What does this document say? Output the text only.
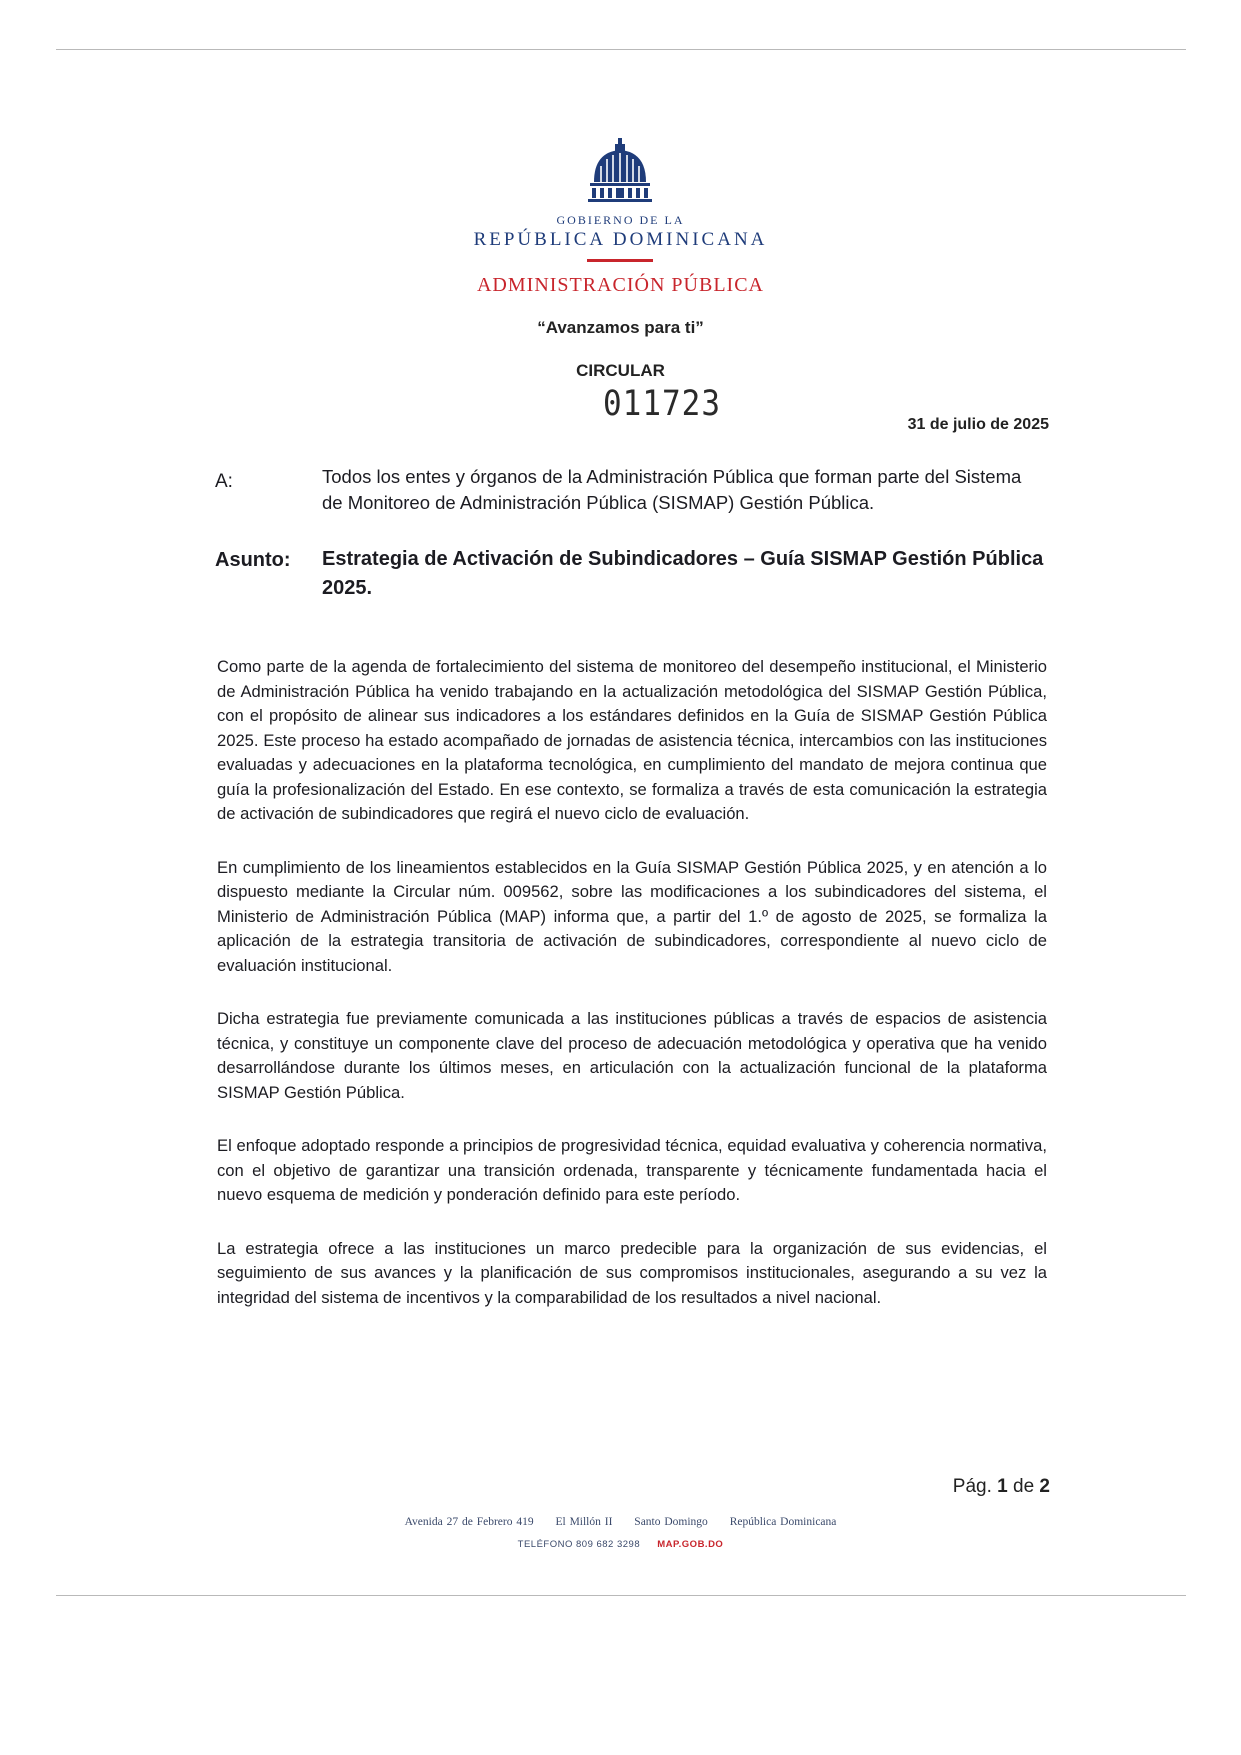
GOBIERNO DE LA
REPÚBLICA DOMINICANA
ADMINISTRACIÓN PÚBLICA
“Avanzamos para ti”
CIRCULAR
011723
31 de julio de 2025
A:	Todos los entes y órganos de la Administración Pública que forman parte del Sistema de Monitoreo de Administración Pública (SISMAP) Gestión Pública.
Asunto: Estrategia de Activación de Subindicadores – Guía SISMAP Gestión Pública 2025.

Como parte de la agenda de fortalecimiento del sistema de monitoreo del desempeño institucional, el Ministerio de Administración Pública ha venido trabajando en la actualización metodológica del SISMAP Gestión Pública, con el propósito de alinear sus indicadores a los estándares definidos en la Guía de SISMAP Gestión Pública 2025. Este proceso ha estado acompañado de jornadas de asistencia técnica, intercambios con las instituciones evaluadas y adecuaciones en la plataforma tecnológica, en cumplimiento del mandato de mejora continua que guía la profesionalización del Estado. En ese contexto, se formaliza a través de esta comunicación la estrategia de activación de subindicadores que regirá el nuevo ciclo de evaluación.

En cumplimiento de los lineamientos establecidos en la Guía SISMAP Gestión Pública 2025, y en atención a lo dispuesto mediante la Circular núm. 009562, sobre las modificaciones a los subindicadores del sistema, el Ministerio de Administración Pública (MAP) informa que, a partir del 1.º de agosto de 2025, se formaliza la aplicación de la estrategia transitoria de activación de subindicadores, correspondiente al nuevo ciclo de evaluación institucional.

Dicha estrategia fue previamente comunicada a las instituciones públicas a través de espacios de asistencia técnica, y constituye un componente clave del proceso de adecuación metodológica y operativa que ha venido desarrollándose durante los últimos meses, en articulación con la actualización funcional de la plataforma SISMAP Gestión Pública.

El enfoque adoptado responde a principios de progresividad técnica, equidad evaluativa y coherencia normativa, con el objetivo de garantizar una transición ordenada, transparente y técnicamente fundamentada hacia el nuevo esquema de medición y ponderación definido para este período.

La estrategia ofrece a las instituciones un marco predecible para la organización de sus evidencias, el seguimiento de sus avances y la planificación de sus compromisos institucionales, asegurando a su vez la integridad del sistema de incentivos y la comparabilidad de los resultados a nivel nacional.

Pág. 1 de 2
Avenida 27 de Febrero 419 El Millón II Santo Domingo República Dominicana
TELÉFONO 809 682 3298 MAP.GOB.DO
